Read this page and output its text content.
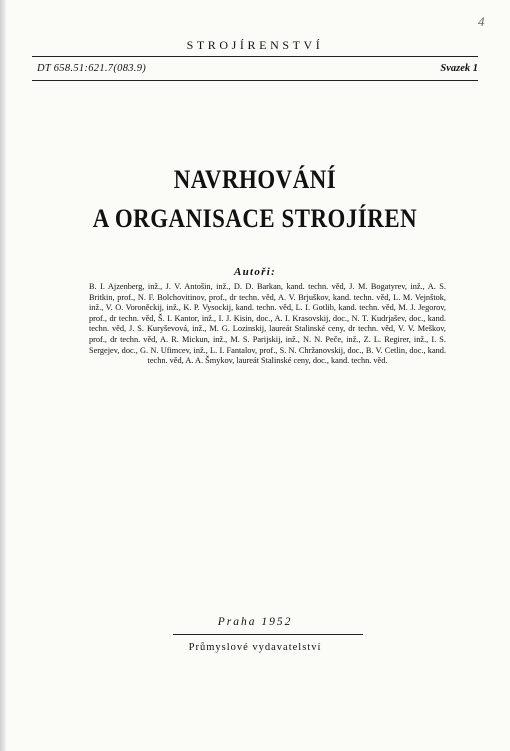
4
STROJÍRENSTVÍ
DT 658.51:621.7(083.9)	Svazek 1
NAVRHOVÁNÍ
A ORGANISACE STROJÍREN
Autoři:
B. I. Ajzenberg, inž., J. V. Antošin, inž., D. D. Barkan, kand. techn. věd, J. M. Bogatyrev, inž., A. S. Britkin, prof., N. F. Bolchovitinov, prof., dr techn. věd, A. V. Brjuškov, kand. techn. věd, L. M. Vejnštok, inž., V. O. Voroněckij, inž., K. P. Vysockij, kand. techn. věd, L. I. Gotlib, kand. techn. věd, M. J. Jegorov, prof., dr techn. věd, Š. I. Kantor, inž., I. J. Kisin, doc., A. I. Krasovskij, doc., N. T. Kudrjašev, doc., kand. techn. věd, J. S. Kuryševová, inž., M. G. Lozinskij, laureát Stalinské ceny, dr techn. věd, V. V. Meškov, prof., dr techn. věd, A. R. Mickun, inž., M. S. Parijskij, inž., N. N. Peče, inž., Z. L. Regirer, inž., I. S. Sergejev, doc., G. N. Ufimcev, inž., L. I. Fantalov, prof., S. N. Chržanovskij, doc., B. V. Cetlin, doc., kand. techn. věd, A. A. Šmykov, laureát Stalinské ceny, doc., kand. techn. věd.
Praha 1952
Průmyslové vydavatelství
